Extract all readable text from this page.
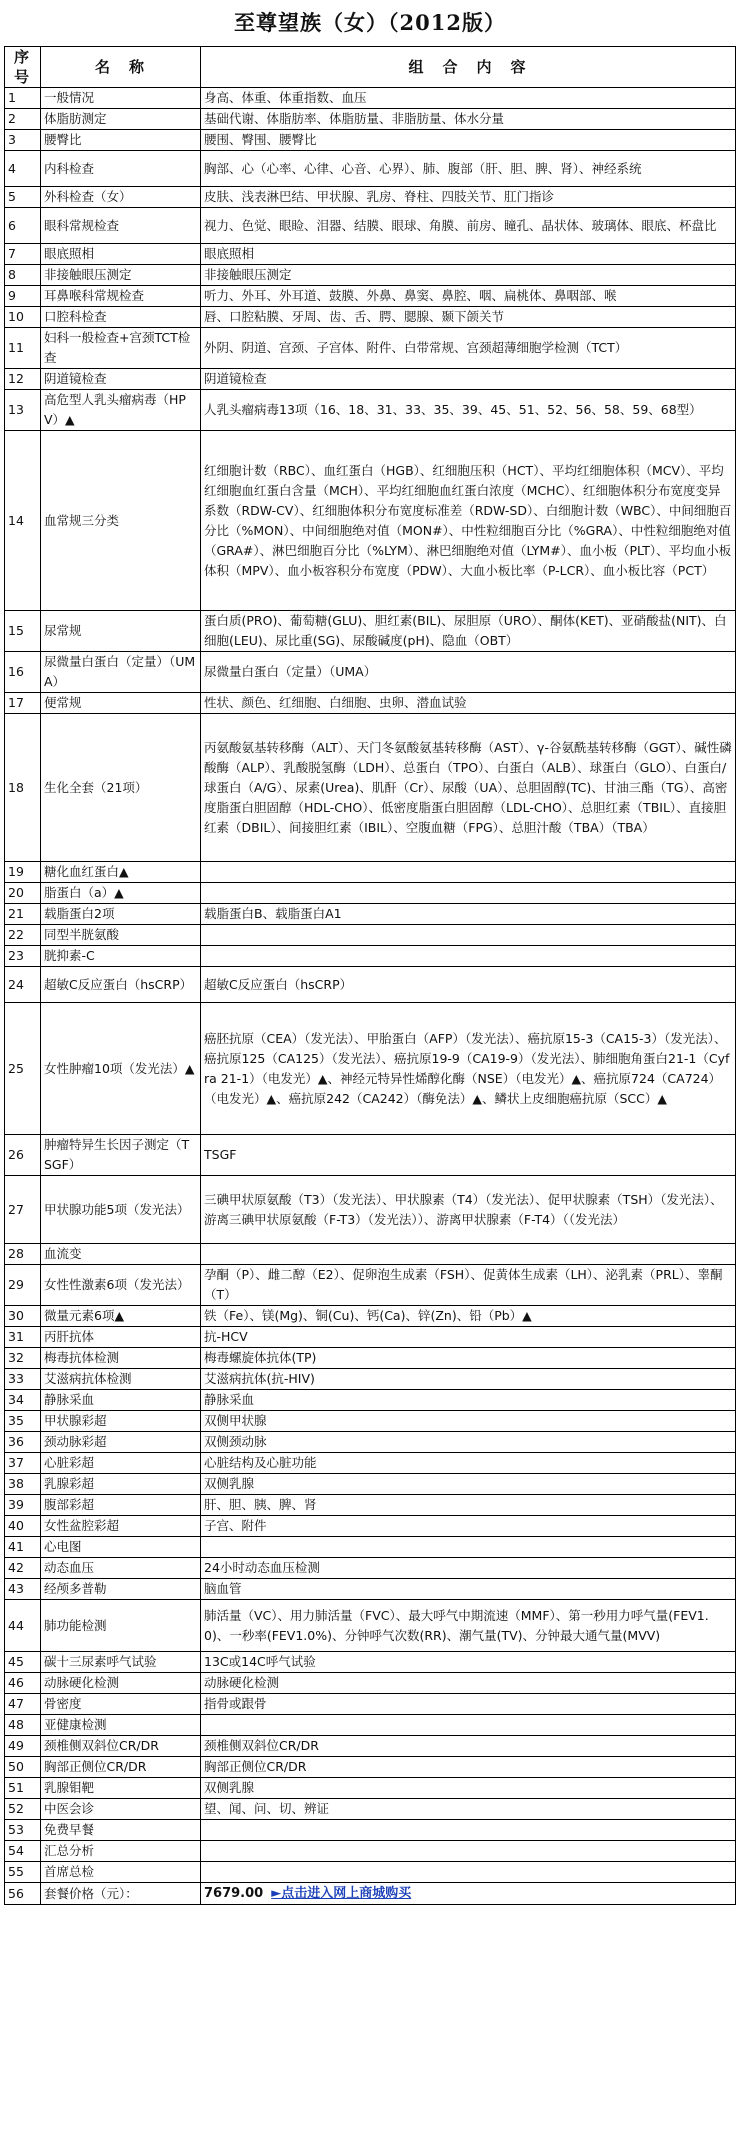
至尊望族（女）（2012版）
序号	名　称	组　合　内　容
1	一般情况	身高、体重、体重指数、血压
2	体脂肪测定	基础代谢、体脂肪率、体脂肪量、非脂肪量、体水分量
3	腰臀比	腰围、臀围、腰臀比
4	内科检查	胸部、心（心率、心律、心音、心界）、肺、腹部（肝、胆、脾、肾）、神经系统
5	外科检查（女）	皮肤、浅表淋巴结、甲状腺、乳房、脊柱、四肢关节、肛门指诊
6	眼科常规检查	视力、色觉、眼睑、泪器、结膜、眼球、角膜、前房、瞳孔、晶状体、玻璃体、眼底、杯盘比
7	眼底照相	眼底照相
8	非接触眼压测定	非接触眼压测定
9	耳鼻喉科常规检查	听力、外耳、外耳道、鼓膜、外鼻、鼻窦、鼻腔、咽、扁桃体、鼻咽部、喉
10	口腔科检查	唇、口腔粘膜、牙周、齿、舌、腭、腮腺、颞下颌关节
11	妇科一般检查+宫颈TCT检查	外阴、阴道、宫颈、子宫体、附件、白带常规、宫颈超薄细胞学检测（TCT）
12	阴道镜检查	阴道镜检查
13	高危型人乳头瘤病毒（HPV）▲	人乳头瘤病毒13项（16、18、31、33、35、39、45、51、52、56、58、59、68型）
14	血常规三分类	红细胞计数（RBC）、血红蛋白（HGB）、红细胞压积（HCT）、平均红细胞体积（MCV）、平均红细胞血红蛋白含量（MCH）、平均红细胞血红蛋白浓度（MCHC）、红细胞体积分布宽度变异系数（RDW-CV）、红细胞体积分布宽度标准差（RDW-SD）、白细胞计数（WBC）、中间细胞百分比（%MON）、中间细胞绝对值（MON#）、中性粒细胞百分比（%GRA）、中性粒细胞绝对值（GRA#）、淋巴细胞百分比（%LYM）、淋巴细胞绝对值（LYM#）、血小板（PLT）、平均血小板体积（MPV）、血小板容积分布宽度（PDW）、大血小板比率（P-LCR）、血小板比容（PCT）
15	尿常规	蛋白质(PRO)、葡萄糖(GLU)、胆红素(BIL)、尿胆原（URO）、酮体(KET)、亚硝酸盐(NIT)、白细胞(LEU)、尿比重(SG)、尿酸碱度(pH)、隐血（OBT）
16	尿微量白蛋白（定量）（UMA）	尿微量白蛋白（定量）（UMA）
17	便常规	性状、颜色、红细胞、白细胞、虫卵、潜血试验
18	生化全套（21项）	丙氨酸氨基转移酶（ALT）、天门冬氨酸氨基转移酶（AST）、γ-谷氨酰基转移酶（GGT）、碱性磷酸酶（ALP）、乳酸脱氢酶（LDH）、总蛋白（TPO）、白蛋白（ALB）、球蛋白（GLO）、白蛋白/球蛋白（A/G）、尿素(Urea)、肌酐（Cr）、尿酸（UA）、总胆固醇(TC)、甘油三酯（TG）、高密度脂蛋白胆固醇（HDL-CHO）、低密度脂蛋白胆固醇（LDL-CHO）、总胆红素（TBIL）、直接胆红素（DBIL）、间接胆红素（IBIL）、空腹血糖（FPG）、总胆汁酸（TBA）（TBA）
19	糖化血红蛋白▲	
20	脂蛋白（a）▲	
21	载脂蛋白2项	载脂蛋白B、载脂蛋白A1
22	同型半胱氨酸	
23	胱抑素-C	
24	超敏C反应蛋白（hsCRP）	超敏C反应蛋白（hsCRP）
25	女性肿瘤10项（发光法）▲	癌胚抗原（CEA）（发光法）、甲胎蛋白（AFP）（发光法）、癌抗原15-3（CA15-3）（发光法）、癌抗原125（CA125）（发光法）、癌抗原19-9（CA19-9）（发光法）、肺细胞角蛋白21-1（Cyfra 21-1）（电发光）▲、神经元特异性烯醇化酶（NSE）（电发光）▲、癌抗原724（CA724）（电发光）▲、癌抗原242（CA242）（酶免法）▲、鳞状上皮细胞癌抗原（SCC）▲
26	肿瘤特异生长因子测定（TSGF）	TSGF
27	甲状腺功能5项（发光法）	三碘甲状原氨酸（T3）（发光法）、甲状腺素（T4）（发光法）、促甲状腺素（TSH）（发光法）、游离三碘甲状原氨酸（F-T3）（发光法））、游离甲状腺素（F-T4）（（发光法）
28	血流变	
29	女性性激素6项（发光法）	孕酮（P）、雌二醇（E2）、促卵泡生成素（FSH）、促黄体生成素（LH）、泌乳素（PRL）、睾酮（T）
30	微量元素6项▲	铁（Fe）、镁(Mg)、铜(Cu)、钙(Ca)、锌(Zn)、铅（Pb）▲
31	丙肝抗体	抗-HCV
32	梅毒抗体检测	梅毒螺旋体抗体(TP)
33	艾滋病抗体检测	艾滋病抗体(抗-HIV)
34	静脉采血	静脉采血
35	甲状腺彩超	双侧甲状腺
36	颈动脉彩超	双侧颈动脉
37	心脏彩超	心脏结构及心脏功能
38	乳腺彩超	双侧乳腺
39	腹部彩超	肝、胆、胰、脾、肾
40	女性盆腔彩超	子宫、附件
41	心电图	
42	动态血压	24小时动态血压检测
43	经颅多普勒	脑血管
44	肺功能检测	肺活量（VC）、用力肺活量（FVC）、最大呼气中期流速（MMF）、第一秒用力呼气量(FEV1.0)、一秒率(FEV1.0%)、分钟呼气次数(RR)、潮气量(TV)、分钟最大通气量(MVV)
45	碳十三尿素呼气试验	13C或14C呼气试验
46	动脉硬化检测	动脉硬化检测
47	骨密度	指骨或跟骨
48	亚健康检测	
49	颈椎侧双斜位CR/DR	颈椎侧双斜位CR/DR
50	胸部正侧位CR/DR	胸部正侧位CR/DR
51	乳腺钼靶	双侧乳腺
52	中医会诊	望、闻、问、切、辨证
53	免费早餐	
54	汇总分析	
55	首席总检	
56	套餐价格（元）：	7679.00 ►点击进入网上商城购买
